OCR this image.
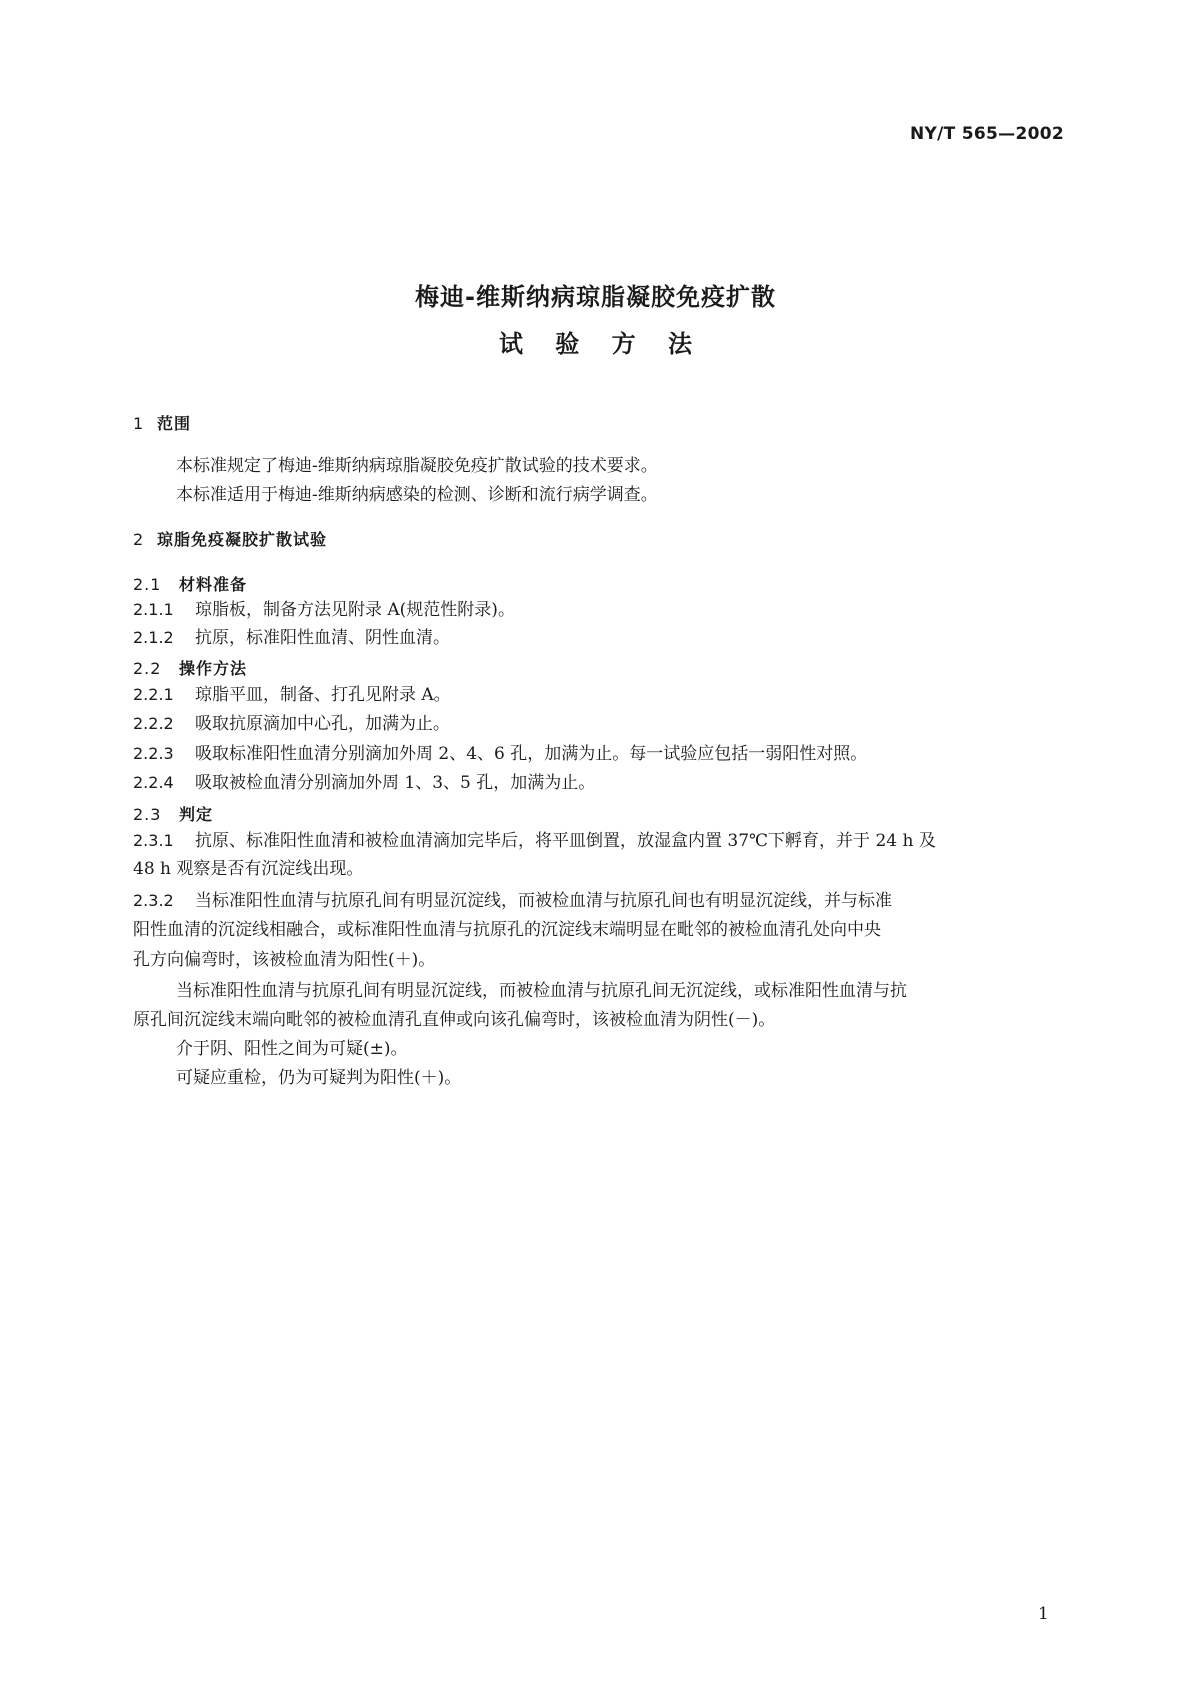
NY/T 565—2002
梅迪-维斯纳病琼脂凝胶免疫扩散
试 验 方 法
1 范围
本标准规定了梅迪-维斯纳病琼脂凝胶免疫扩散试验的技术要求。
本标准适用于梅迪-维斯纳病感染的检测、诊断和流行病学调查。
2 琼脂免疫凝胶扩散试验
2.1 材料准备
2.1.1 琼脂板，制备方法见附录 A(规范性附录)。
2.1.2 抗原，标准阳性血清、阴性血清。
2.2 操作方法
2.2.1 琼脂平皿，制备、打孔见附录 A。
2.2.2 吸取抗原滴加中心孔，加满为止。
2.2.3 吸取标准阳性血清分别滴加外周 2、4、6 孔，加满为止。每一试验应包括一弱阳性对照。
2.2.4 吸取被检血清分别滴加外周 1、3、5 孔，加满为止。
2.3 判定
2.3.1 抗原、标准阳性血清和被检血清滴加完毕后，将平皿倒置，放湿盒内置 37℃下孵育，并于 24 h 及
48 h 观察是否有沉淀线出现。
2.3.2 当标准阳性血清与抗原孔间有明显沉淀线，而被检血清与抗原孔间也有明显沉淀线，并与标准
阳性血清的沉淀线相融合，或标准阳性血清与抗原孔的沉淀线末端明显在毗邻的被检血清孔处向中央
孔方向偏弯时，该被检血清为阳性(＋)。
当标准阳性血清与抗原孔间有明显沉淀线，而被检血清与抗原孔间无沉淀线，或标准阳性血清与抗
原孔间沉淀线末端向毗邻的被检血清孔直伸或向该孔偏弯时，该被检血清为阴性(－)。
介于阴、阳性之间为可疑(±)。
可疑应重检，仍为可疑判为阳性(＋)。
1
